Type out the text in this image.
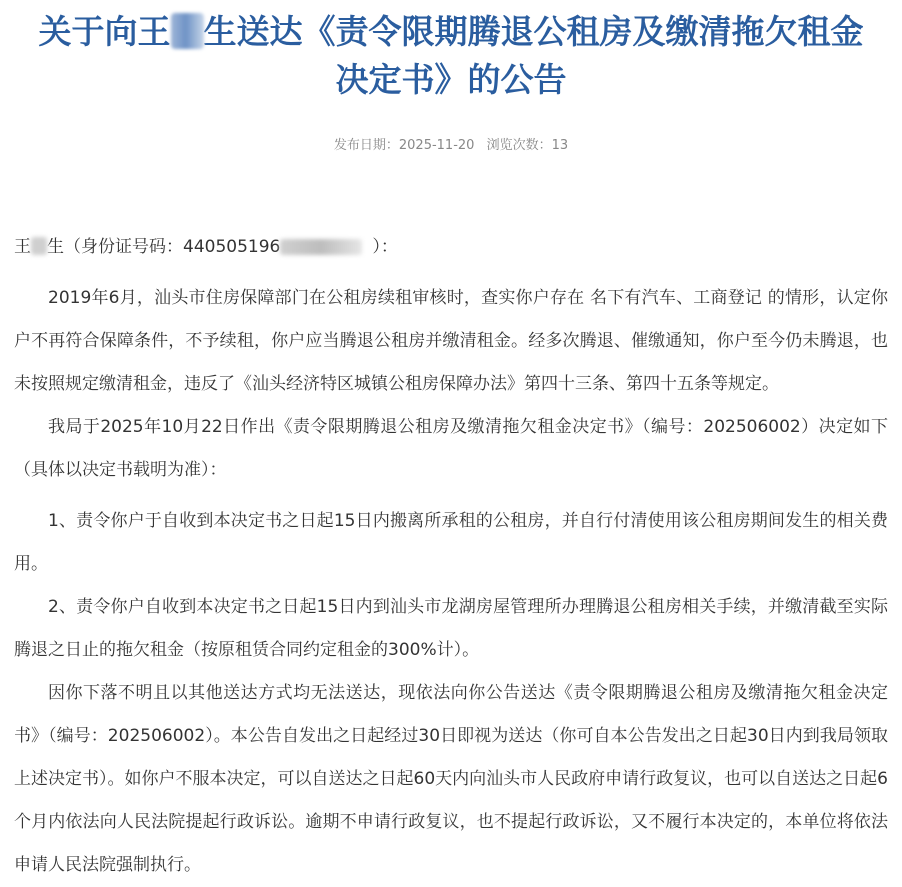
关于向王 生送达《责令限期腾退公租房及缴清拖欠租金
决定书》的公告
发布日期：2025-11-20 浏览次数：13

王 生（身份证号码：440505196	）：

2019年6月，汕头市住房保障部门在公租房续租审核时，查实你户存在 名下有汽车、工商登记 的情形，认定你户不再符合保障条件，不予续租，你户应当腾退公租房并缴清租金。经多次腾退、催缴通知，你户至今仍未腾退，也未按照规定缴清租金，违反了《汕头经济特区城镇公租房保障办法》第四十三条、第四十五条等规定。

我局于2025年10月22日作出《责令限期腾退公租房及缴清拖欠租金决定书》（编号：202506002）决定如下（具体以决定书载明为准）：

1、责令你户于自收到本决定书之日起15日内搬离所承租的公租房，并自行付清使用该公租房期间发生的相关费用。

2、责令你户自收到本决定书之日起15日内到汕头市龙湖房屋管理所办理腾退公租房相关手续，并缴清截至实际腾退之日止的拖欠租金（按原租赁合同约定租金的300%计）。

因你下落不明且以其他送达方式均无法送达，现依法向你公告送达《责令限期腾退公租房及缴清拖欠租金决定书》（编号：202506002）。本公告自发出之日起经过30日即视为送达（你可自本公告发出之日起30日内到我局领取上述决定书）。如你户不服本决定，可以自送达之日起60天内向汕头市人民政府申请行政复议，也可以自送达之日起6个月内依法向人民法院提起行政诉讼。逾期不申请行政复议，也不提起行政诉讼，又不履行本决定的，本单位将依法申请人民法院强制执行。
